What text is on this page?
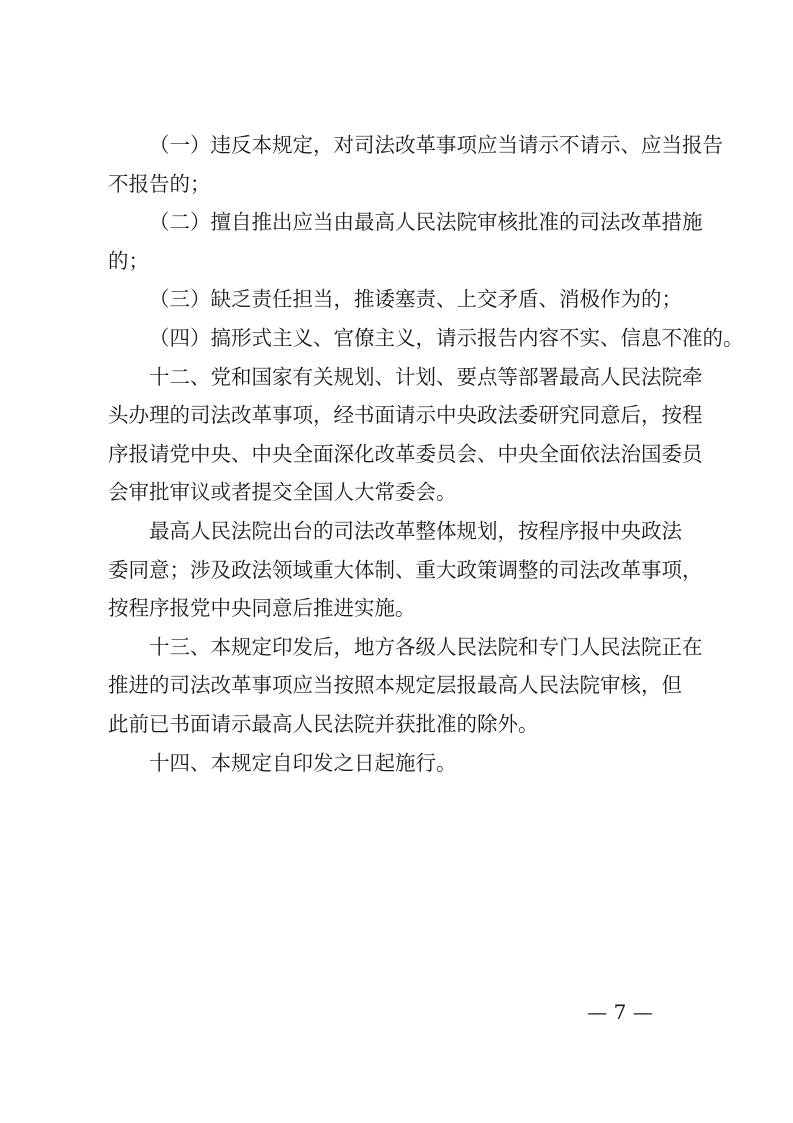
（一）违反本规定，对司法改革事项应当请示不请示、应当报告
不报告的；
（二）擅自推出应当由最高人民法院审核批准的司法改革措施
的；
（三）缺乏责任担当，推诿塞责、上交矛盾、消极作为的；
（四）搞形式主义、官僚主义，请示报告内容不实、信息不准的。
十二、党和国家有关规划、计划、要点等部署最高人民法院牵
头办理的司法改革事项，经书面请示中央政法委研究同意后，按程
序报请党中央、中央全面深化改革委员会、中央全面依法治国委员
会审批审议或者提交全国人大常委会。
最高人民法院出台的司法改革整体规划，按程序报中央政法
委同意；涉及政法领域重大体制、重大政策调整的司法改革事项，
按程序报党中央同意后推进实施。
十三、本规定印发后，地方各级人民法院和专门人民法院正在
推进的司法改革事项应当按照本规定层报最高人民法院审核，但
此前已书面请示最高人民法院并获批准的除外。
十四、本规定自印发之日起施行。
— 7 —
